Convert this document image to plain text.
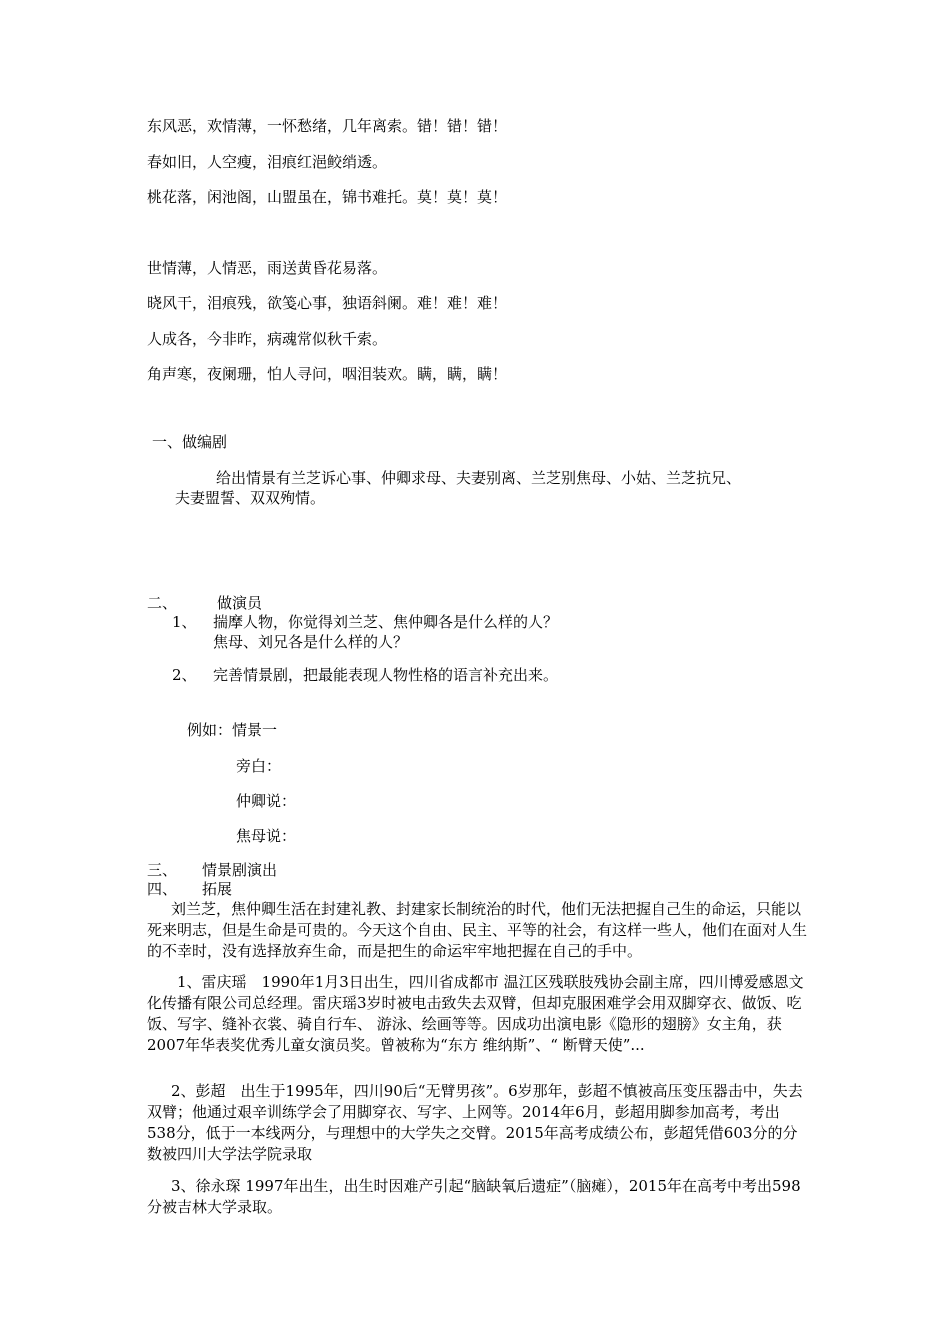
东风恶，欢情薄，一怀愁绪，几年离索。错！错！错！
春如旧，人空瘦，泪痕红浥鲛绡透。
桃花落，闲池阁，山盟虽在，锦书难托。莫！莫！莫！
世情薄，人情恶，雨送黄昏花易落。
晓风干，泪痕残，欲笺心事，独语斜阑。难！难！难！
人成各，今非昨，病魂常似秋千索。
角声寒，夜阑珊，怕人寻问，咽泪装欢。瞒，瞒，瞒！
一、做编剧
给出情景有兰芝诉心事、仲卿求母、夫妻别离、兰芝别焦母、小姑、兰芝抗兄、
夫妻盟誓、双双殉情。
二、	做演员
1、 揣摩人物，你觉得刘兰芝、焦仲卿各是什么样的人？
焦母、刘兄各是什么样的人？
2、 完善情景剧，把最能表现人物性格的语言补充出来。
例如：情景一
旁白：
仲卿说：
焦母说：
三、 情景剧演出
四、 拓展
刘兰芝，焦仲卿生活在封建礼教、封建家长制统治的时代，他们无法把握自己生的命运，只能以死来明志，但是生命是可贵的。今天这个自由、民主、平等的社会，有这样一些人，他们在面对人生的不幸时，没有选择放弃生命，而是把生的命运牢牢地把握在自己的手中。
1、雷庆瑶　1990年1月3日出生，四川省成都市 温江区残联肢残协会副主席，四川博爱感恩文化传播有限公司总经理。雷庆瑶3岁时被电击致失去双臂，但却克服困难学会用双脚穿衣、做饭、吃饭、写字、缝补衣裳、骑自行车、 游泳、绘画等等。因成功出演电影《隐形的翅膀》女主角，获2007年华表奖优秀儿童女演员奖。曾被称为“东方 维纳斯”、“ 断臂天使”...
2、彭超　出生于1995年，四川90后“无臂男孩”。6岁那年，彭超不慎被高压变压器击中，失去双臂；他通过艰辛训练学会了用脚穿衣、写字、上网等。2014年6月，彭超用脚参加高考，考出538分，低于一本线两分，与理想中的大学失之交臂。2015年高考成绩公布，彭超凭借603分的分数被四川大学法学院录取
3、徐永琛 1997年出生，出生时因难产引起“脑缺氧后遗症”（脑瘫），2015年在高考中考出598分被吉林大学录取。
